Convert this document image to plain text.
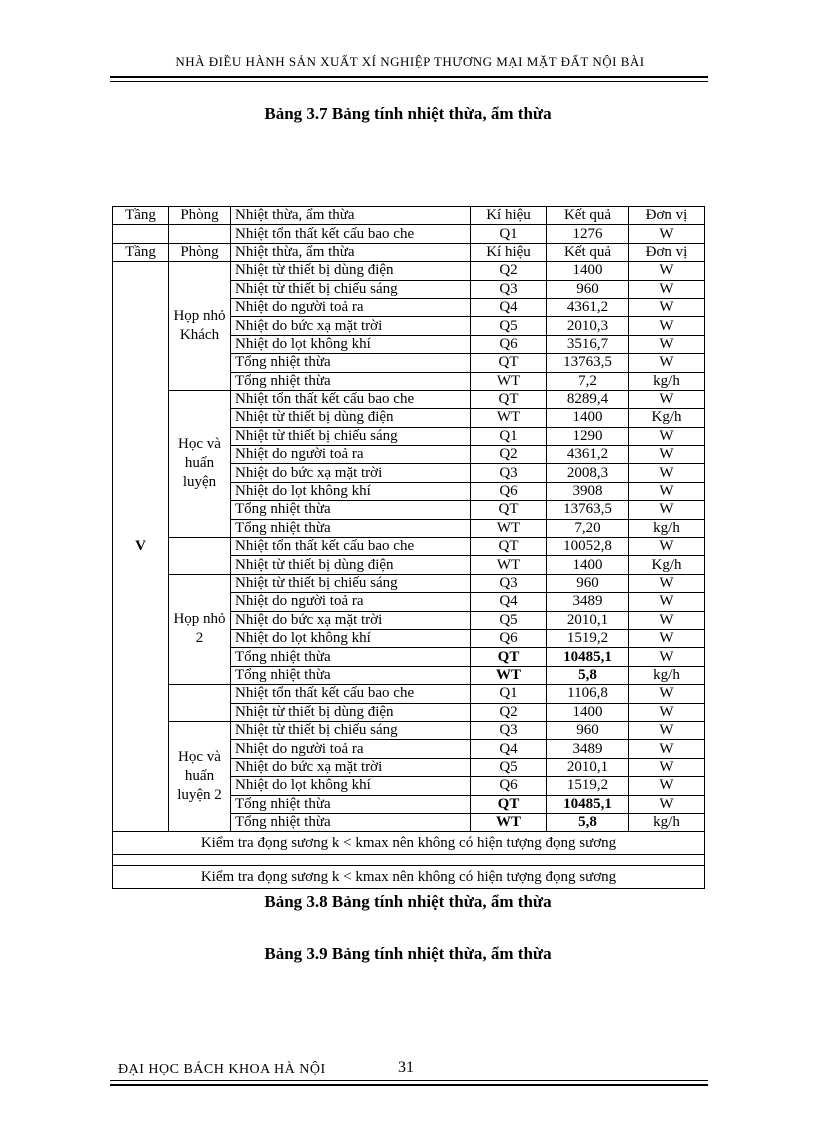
NHÀ ĐIỀU HÀNH SẢN XUẤT XÍ NGHIỆP THƯƠNG MẠI MẶT ĐẤT NỘI BÀI
Bảng 3.7 Bảng tính nhiệt thừa, ẩm thừa
Tầng	Phòng	Nhiệt thừa, ẩm thừa	Kí hiệu	Kết quả	Đơn vị
		Nhiệt tổn thất kết cấu bao che	Q1	1276	W
Tầng	Phòng	Nhiệt thừa, ẩm thừa	Kí hiệu	Kết quả	Đơn vị
V	Họp nhỏ Khách	Nhiệt từ thiết bị dùng điện	Q2	1400	W
		Nhiệt từ thiết bị chiếu sáng	Q3	960	W
		Nhiệt do người toả ra	Q4	4361,2	W
		Nhiệt do bức xạ mặt trời	Q5	2010,3	W
		Nhiệt do lọt không khí	Q6	3516,7	W
		Tổng nhiệt thừa	QT	13763,5	W
		Tổng nhiệt thừa	WT	7,2	kg/h
	Học và huấn luyện	Nhiệt tổn thất kết cấu bao che	QT	8289,4	W
		Nhiệt từ thiết bị dùng điện	WT	1400	Kg/h
		Nhiệt từ thiết bị chiếu sáng	Q1	1290	W
		Nhiệt do người toả ra	Q2	4361,2	W
		Nhiệt do bức xạ mặt trời	Q3	2008,3	W
		Nhiệt do lọt không khí	Q6	3908	W
		Tổng nhiệt thừa	QT	13763,5	W
		Tổng nhiệt thừa	WT	7,20	kg/h
		Nhiệt tổn thất kết cấu bao che	QT	10052,8	W
		Nhiệt từ thiết bị dùng điện	WT	1400	Kg/h
	Họp nhỏ 2	Nhiệt từ thiết bị chiếu sáng	Q3	960	W
		Nhiệt do người toả ra	Q4	3489	W
		Nhiệt do bức xạ mặt trời	Q5	2010,1	W
		Nhiệt do lọt không khí	Q6	1519,2	W
		Tổng nhiệt thừa	QT	10485,1	W
		Tổng nhiệt thừa	WT	5,8	kg/h
		Nhiệt tổn thất kết cấu bao che	Q1	1106,8	W
		Nhiệt từ thiết bị dùng điện	Q2	1400	W
	Học và huấn luyện 2	Nhiệt từ thiết bị chiếu sáng	Q3	960	W
		Nhiệt do người toả ra	Q4	3489	W
		Nhiệt do bức xạ mặt trời	Q5	2010,1	W
		Nhiệt do lọt không khí	Q6	1519,2	W
		Tổng nhiệt thừa	QT	10485,1	W
		Tổng nhiệt thừa	WT	5,8	kg/h
Kiểm tra đọng sương k < kmax nên không có hiện tượng đọng sương					

Kiểm tra đọng sương k < kmax nên không có hiện tượng đọng sương					
Bảng 3.8 Bảng tính nhiệt thừa, ẩm thừa
Bảng 3.9 Bảng tính nhiệt thừa, ẩm thừa
ĐẠI HỌC BÁCH KHOA HÀ NỘI	31
